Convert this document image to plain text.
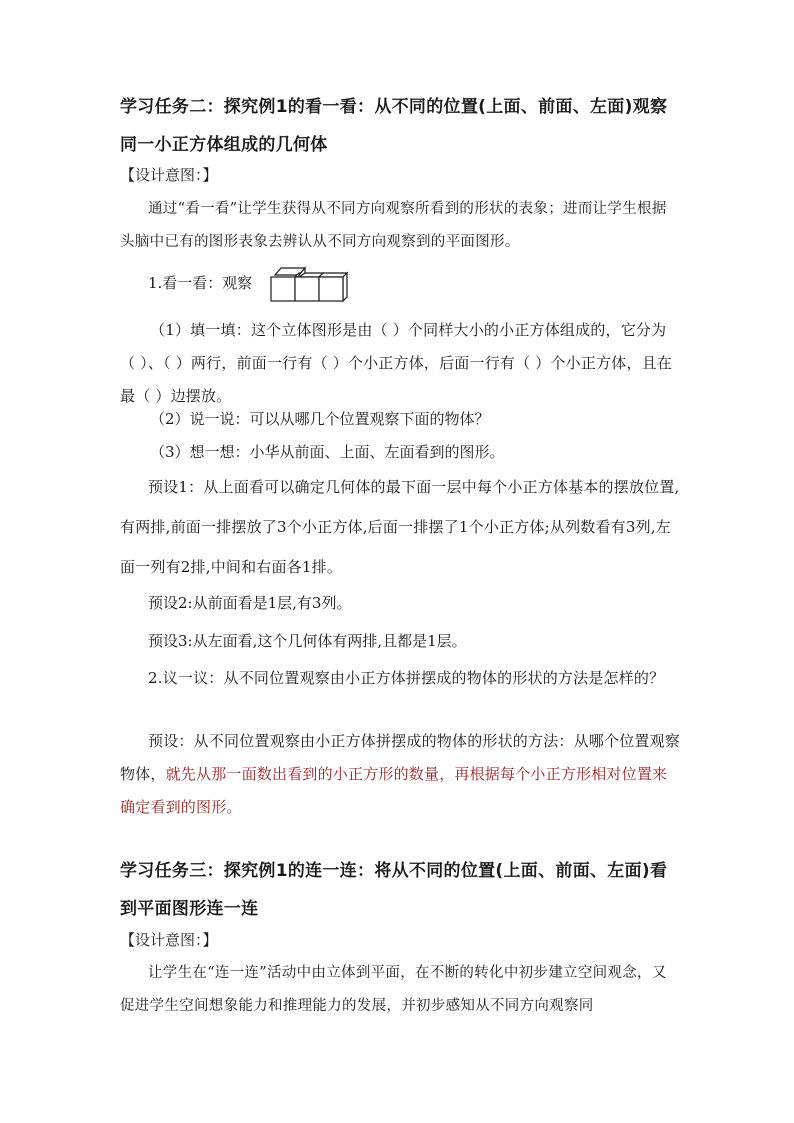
学习任务二：探究例1的看一看：从不同的位置(上面、前面、左面)观察同一小正方体组成的几何体
【设计意图：】
通过“看一看”让学生获得从不同方向观察所看到的形状的表象；进而让学生根据头脑中已有的图形表象去辨认从不同方向观察到的平面图形。
1.看一看：观察
（1）填一填：这个立体图形是由（ ）个同样大小的小正方体组成的，它分为（ ）、（ ）两行，前面一行有（ ）个小正方体，后面一行有（ ）个小正方体，且在最（ ）边摆放。
（2）说一说：可以从哪几个位置观察下面的物体？
（3）想一想：小华从前面、上面、左面看到的图形。
预设1：从上面看可以确定几何体的最下面一层中每个小正方体基本的摆放位置,有两排,前面一排摆放了3个小正方体,后面一排摆了1个小正方体;从列数看有3列,左面一列有2排,中间和右面各1排。
预设2:从前面看是1层,有3列。
预设3:从左面看,这个几何体有两排,且都是1层。
2.议一议：从不同位置观察由小正方体拼摆成的物体的形状的方法是怎样的？
预设：从不同位置观察由小正方体拼摆成的物体的形状的方法：从哪个位置观察物体，就先从那一面数出看到的小正方形的数量，再根据每个小正方形相对位置来确定看到的图形。
学习任务三：探究例1的连一连：将从不同的位置(上面、前面、左面)看到平面图形连一连
【设计意图：】
让学生在“连一连”活动中由立体到平面，在不断的转化中初步建立空间观念，又促进学生空间想象能力和推理能力的发展，并初步感知从不同方向观察同
